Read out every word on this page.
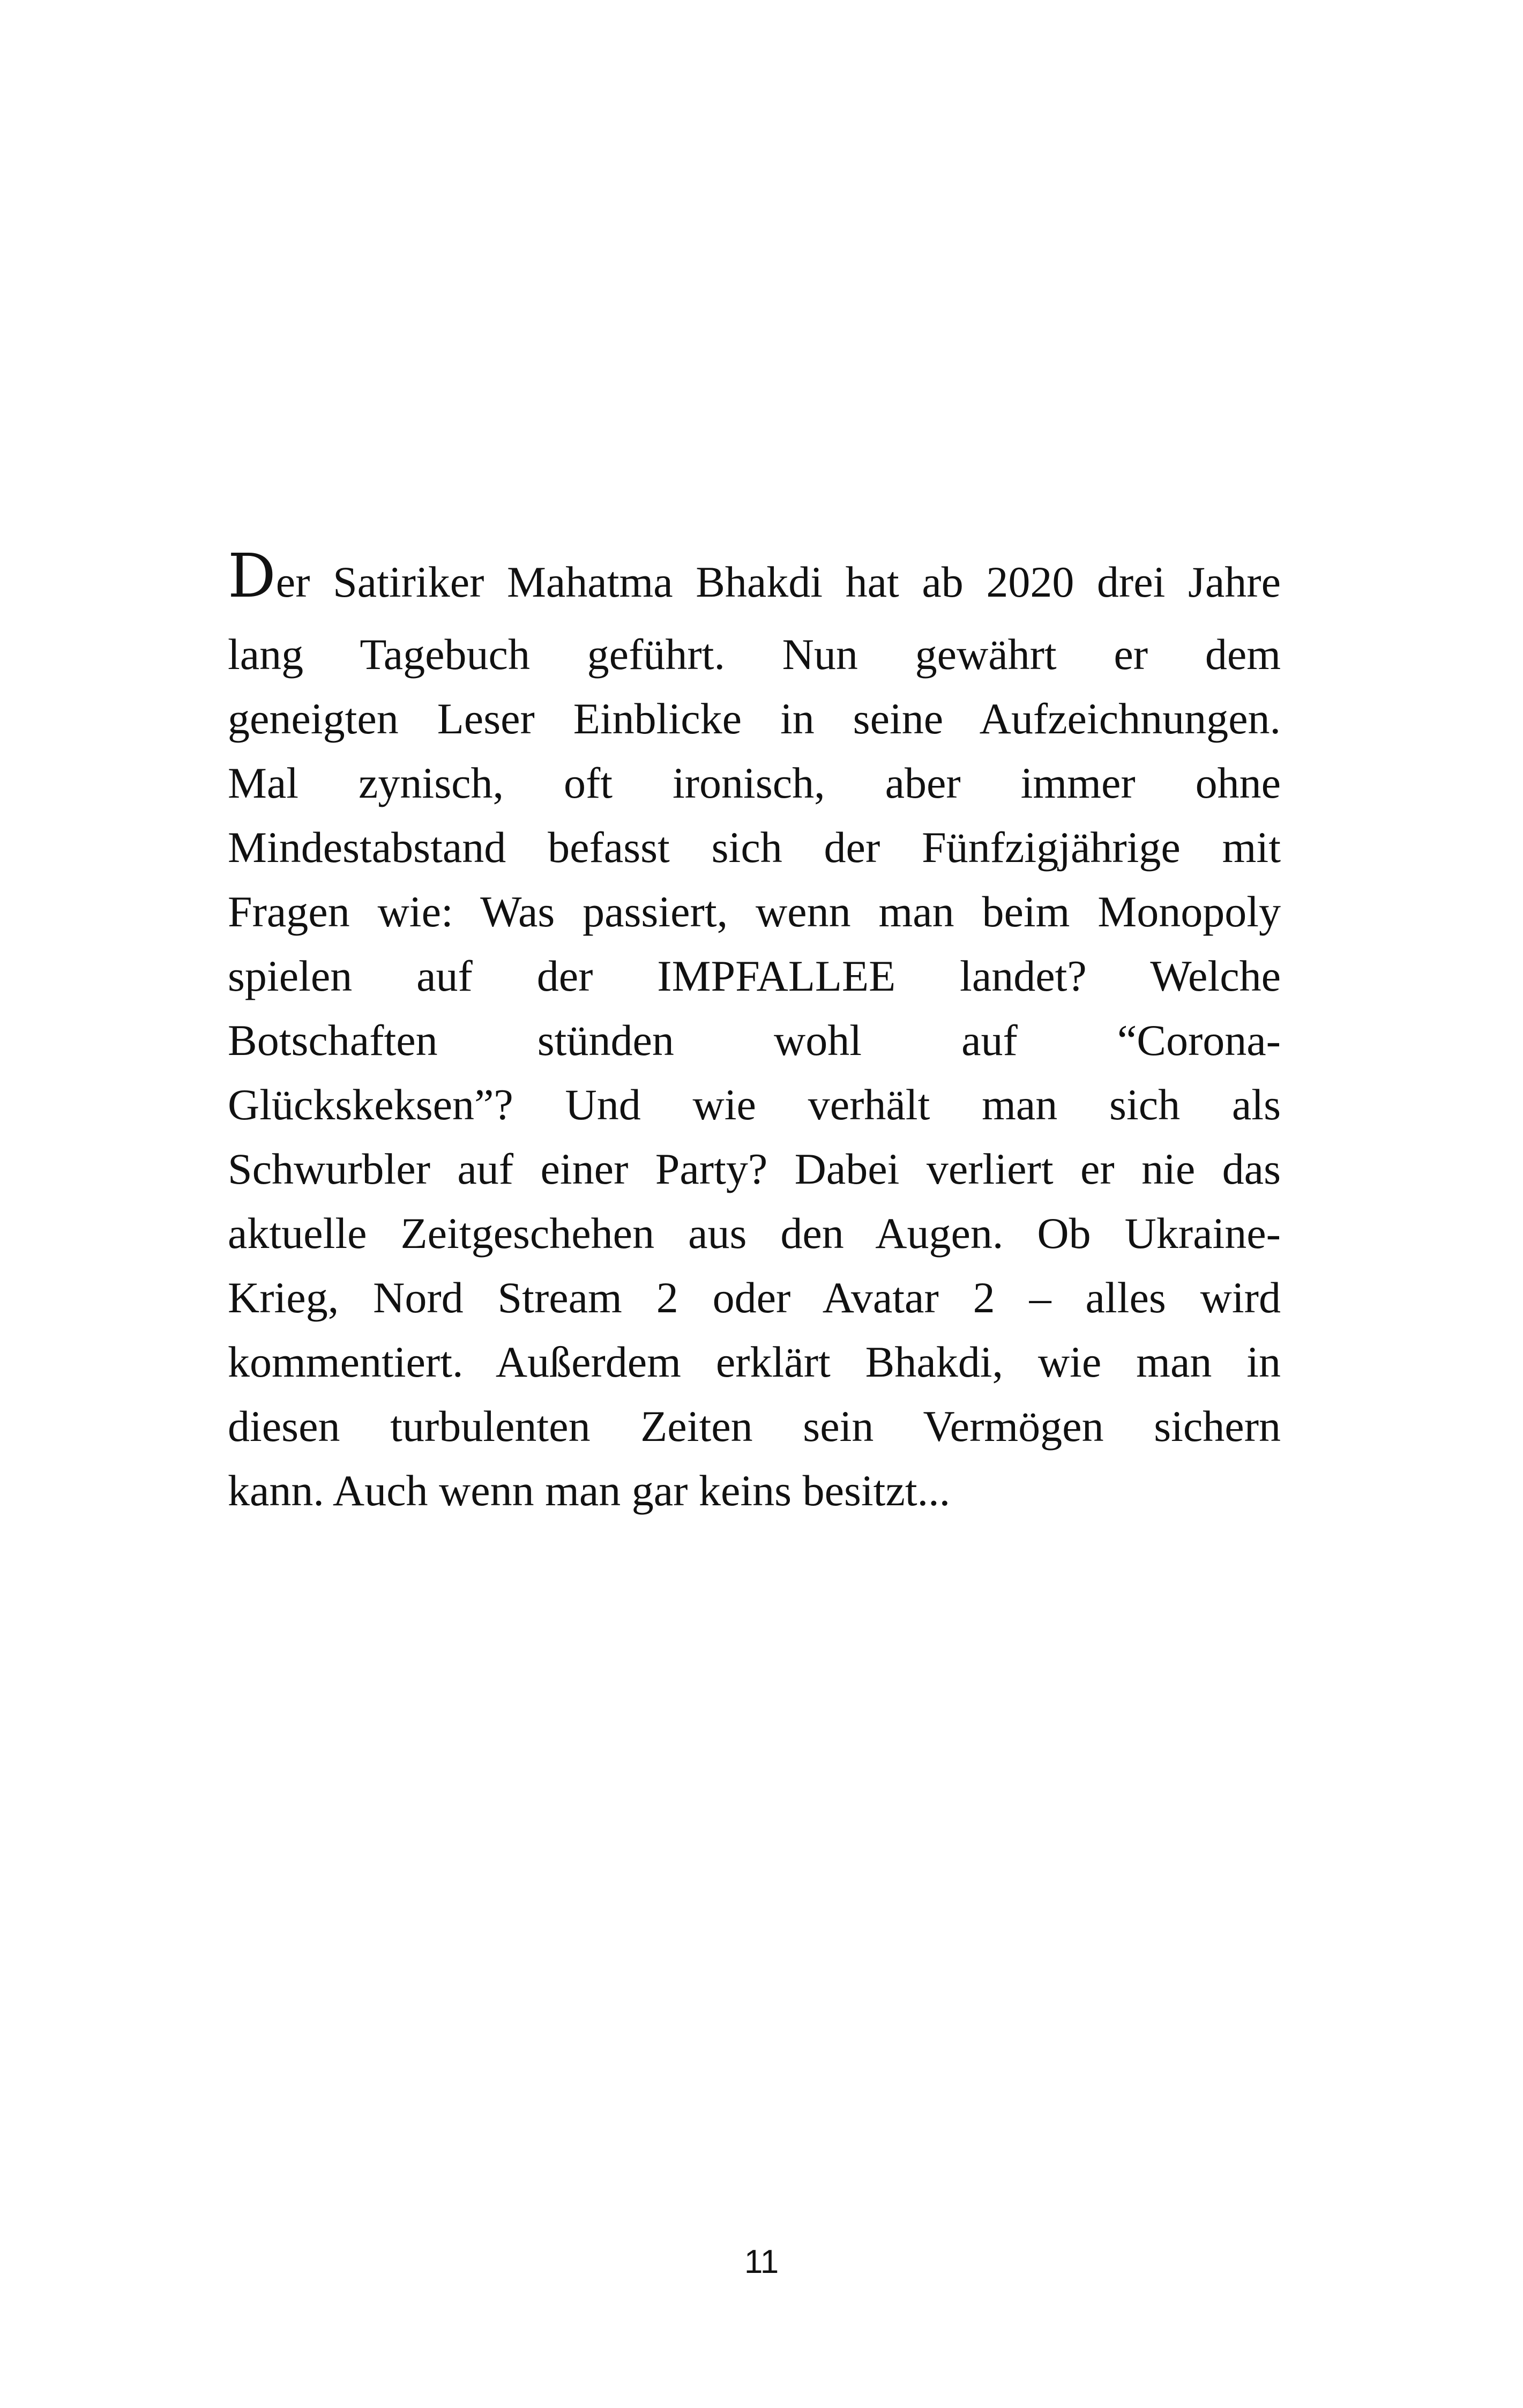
Der Satiriker Mahatma Bhakdi hat ab 2020 drei Jahre
lang Tagebuch geführt. Nun gewährt er dem
geneigten Leser Einblicke in seine Aufzeichnungen.
Mal zynisch, oft ironisch, aber immer ohne
Mindestabstand befasst sich der Fünfzigjährige mit
Fragen wie: Was passiert, wenn man beim Monopoly
spielen auf der IMPFALLEE landet? Welche
Botschaften stünden wohl auf “Corona-
Glückskeksen”? Und wie verhält man sich als
Schwurbler auf einer Party? Dabei verliert er nie das
aktuelle Zeitgeschehen aus den Augen. Ob Ukraine-
Krieg, Nord Stream 2 oder Avatar 2 – alles wird
kommentiert. Außerdem erklärt Bhakdi, wie man in
diesen turbulenten Zeiten sein Vermögen sichern
kann. Auch wenn man gar keins besitzt...
11
